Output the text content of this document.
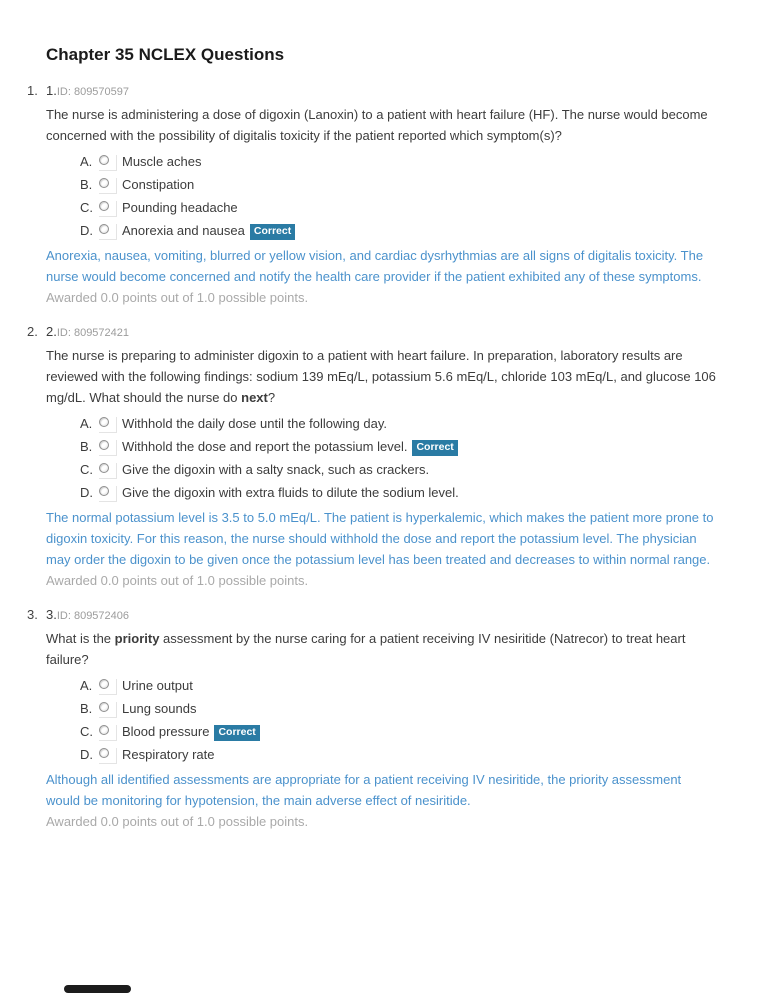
Chapter 35 NCLEX Questions
1. 1.ID: 809570597
The nurse is administering a dose of digoxin (Lanoxin) to a patient with heart failure (HF). The nurse would become concerned with the possibility of digitalis toxicity if the patient reported which symptom(s)?
A. Muscle aches
B. Constipation
C. Pounding headache
D. Anorexia and nausea Correct
Anorexia, nausea, vomiting, blurred or yellow vision, and cardiac dysrhythmias are all signs of digitalis toxicity. The nurse would become concerned and notify the health care provider if the patient exhibited any of these symptoms.
Awarded 0.0 points out of 1.0 possible points.
2. 2.ID: 809572421
The nurse is preparing to administer digoxin to a patient with heart failure. In preparation, laboratory results are reviewed with the following findings: sodium 139 mEq/L, potassium 5.6 mEq/L, chloride 103 mEq/L, and glucose 106 mg/dL. What should the nurse do next?
A. Withhold the daily dose until the following day.
B. Withhold the dose and report the potassium level. Correct
C. Give the digoxin with a salty snack, such as crackers.
D. Give the digoxin with extra fluids to dilute the sodium level.
The normal potassium level is 3.5 to 5.0 mEq/L. The patient is hyperkalemic, which makes the patient more prone to digoxin toxicity. For this reason, the nurse should withhold the dose and report the potassium level. The physician may order the digoxin to be given once the potassium level has been treated and decreases to within normal range.
Awarded 0.0 points out of 1.0 possible points.
3. 3.ID: 809572406
What is the priority assessment by the nurse caring for a patient receiving IV nesiritide (Natrecor) to treat heart failure?
A. Urine output
B. Lung sounds
C. Blood pressure Correct
D. Respiratory rate
Although all identified assessments are appropriate for a patient receiving IV nesiritide, the priority assessment would be monitoring for hypotension, the main adverse effect of nesiritide.
Awarded 0.0 points out of 1.0 possible points.
